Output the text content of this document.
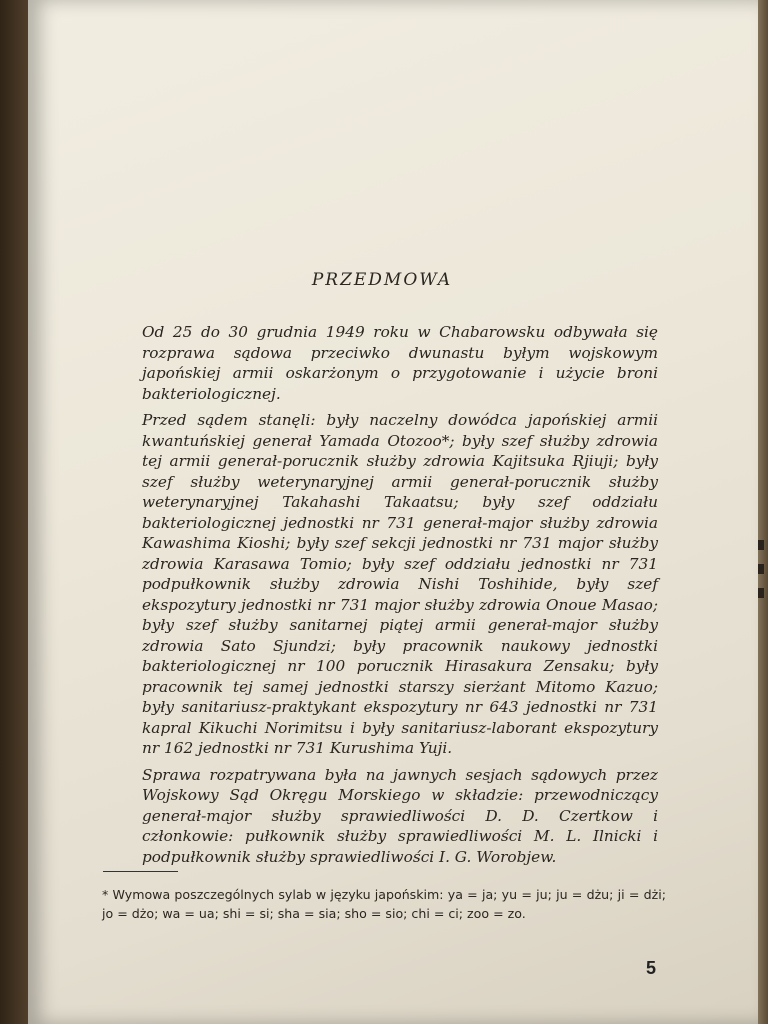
PRZEDMOWA

Od 25 do 30 grudnia 1949 roku w Chabarowsku odbywała się rozprawa sądowa przeciwko dwunastu byłym wojskowym japońskiej armii oskarżonym o przygotowanie i użycie broni bakteriologicznej.

Przed sądem stanęli: były naczelny dowódca japońskiej armii kwantuńskiej generał Yamada Otozoo*; były szef służby zdrowia tej armii generał-porucznik służby zdrowia Kajitsuka Rjiuji; były szef służby weterynaryjnej armii generał-porucznik służby weterynaryjnej Takahashi Takaatsu; były szef oddziału bakteriologicznej jednostki nr 731 generał-major służby zdrowia Kawashima Kioshi; były szef sekcji jednostki nr 731 major służby zdrowia Karasawa Tomio; były szef oddziału jednostki nr 731 podpułkownik służby zdrowia Nishi Toshihide, były szef ekspozytury jednostki nr 731 major służby zdrowia Onoue Masao; były szef służby sanitarnej piątej armii generał-major służby zdrowia Sato Sjundzi; były pracownik naukowy jednostki bakteriologicznej nr 100 porucznik Hirasakura Zensaku; były pracownik tej samej jednostki starszy sierżant Mitomo Kazuo; były sanitariusz-praktykant ekspozytury nr 643 jednostki nr 731 kapral Kikuchi Norimitsu i były sanitariusz-laborant ekspozytury nr 162 jednostki nr 731 Kurushima Yuji.

Sprawa rozpatrywana była na jawnych sesjach sądowych przez Wojskowy Sąd Okręgu Morskiego w składzie: przewodniczący generał-major służby sprawiedliwości D. D. Czertkow i członkowie: pułkownik służby sprawiedliwości M. L. Ilnicki i podpułkownik służby sprawiedliwości I. G. Worobjew.

* Wymowa poszczególnych sylab w języku japońskim: ya = ja; yu = ju; ju = dżu; ji = dżi; jo = dżo; wa = ua; shi = si; sha = sia; sho = sio; chi = ci; zoo = zo.
5
